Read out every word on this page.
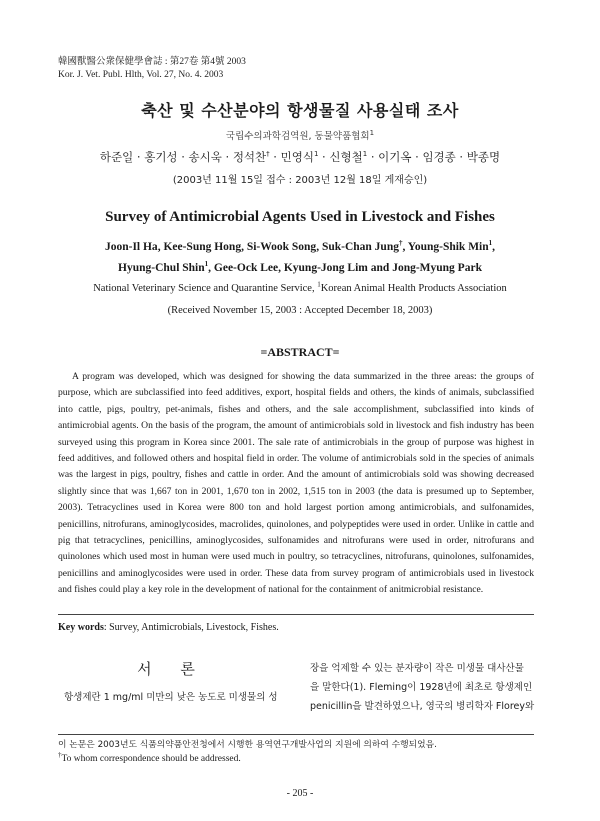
韓國獸醫公衆保健學會誌 : 第27卷 第4號 2003
Kor. J. Vet. Publ. Hlth, Vol. 27, No. 4. 2003
축산 및 수산분야의 항생물질 사용실태 조사
국립수의과학검역원, 동물약품협회$^1$
하준일 · 홍기성 · 송시욱 · 정석찬† · 민영식$^1$ · 신형철$^1$ · 이기옥 · 임경종 · 박종명
(2003년 11월 15일 접수 : 2003년 12월 18일 게재승인)
Survey of Antimicrobial Agents Used in Livestock and Fishes
Joon-Il Ha, Kee-Sung Hong, Si-Wook Song, Suk-Chan Jung†, Young-Shik Min$^1$,
Hyung-Chul Shin$^1$, Gee-Ock Lee, Kyung-Jong Lim and Jong-Myung Park
National Veterinary Science and Quarantine Service, $^1$Korean Animal Health Products Association
(Received November 15, 2003 : Accepted December 18, 2003)
=ABSTRACT=
A program was developed, which was designed for showing the data summarized in the three areas: the groups of purpose, which are subclassified into feed additives, export, hospital fields and others, the kinds of animals, subclassified into cattle, pigs, poultry, pet-animals, fishes and others, and the sale accomplishment, subclassified into kinds of antimicrobial agents. On the basis of the program, the amount of antimicrobials sold in livestock and fish industry has been surveyed using this program in Korea since 2001. The sale rate of antimicrobials in the group of purpose was highest in feed additives, and followed others and hospital field in order. The volume of antimicrobials sold in the species of animals was the largest in pigs, poultry, fishes and cattle in order. And the amount of antimicrobials sold was showing decreased slightly since that was 1,667 ton in 2001, 1,670 ton in 2002, 1,515 ton in 2003 (the data is presumed up to September, 2003). Tetracyclines used in Korea were 800 ton and hold largest portion among antimicrobials, and sulfonamides, penicillins, nitrofurans, aminoglycosides, macrolides, quinolones, and polypeptides were used in order. Unlike in cattle and pig that tetracyclines, penicillins, aminoglycosides, sulfonamides and nitrofurans were used in order, nitrofurans and quinolones which used most in human were used much in poultry, so tetracyclines, nitrofurans, quinolones, sulfonamides, penicillins and aminoglycosides were used in order. These data from survey program of antimicrobials used in livestock and fishes could play a key role in the development of national for the containment of anitmicrobial resistance.
Key words: Survey, Antimicrobials, Livestock, Fishes.
서 론
항생제란 1 mg/ml 미만의 낮은 농도로 미생물의 성
장을 억제할 수 있는 분자량이 작은 미생물 대사산물
을 말한다(1). Fleming이 1928년에 최초로 항생제인
penicillin을 발견하였으나, 영국의 병리학자 Florey와
이 논문은 2003년도 식품의약품안전청에서 시행한 용역연구개발사업의 지원에 의하여 수행되었음.
†To whom correspondence should be addressed.
- 205 -
